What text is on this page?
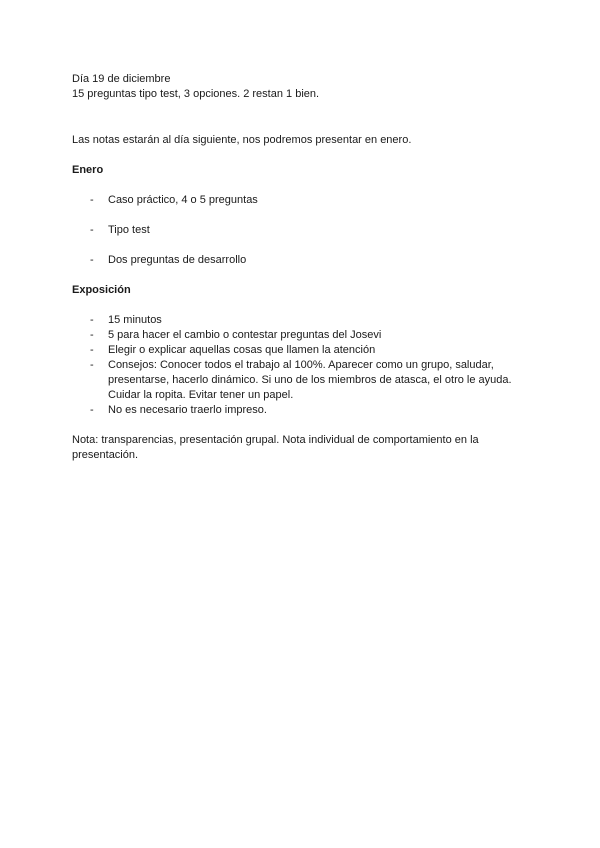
Día 19 de diciembre
15 preguntas tipo test, 3 opciones. 2 restan 1 bien.
Las notas estarán al día siguiente, nos podremos presentar en enero.
Enero
- Caso práctico, 4 o 5 preguntas
- Tipo test
- Dos preguntas de desarrollo
Exposición
- 15 minutos
- 5 para hacer el cambio o contestar preguntas del Josevi
- Elegir o explicar aquellas cosas que llamen la atención
- Consejos: Conocer todos el trabajo al 100%. Aparecer como un grupo, saludar, presentarse, hacerlo dinámico. Si uno de los miembros de atasca, el otro le ayuda. Cuidar la ropita. Evitar tener un papel.
- No es necesario traerlo impreso.
Nota: transparencias, presentación grupal. Nota individual de comportamiento en la presentación.
